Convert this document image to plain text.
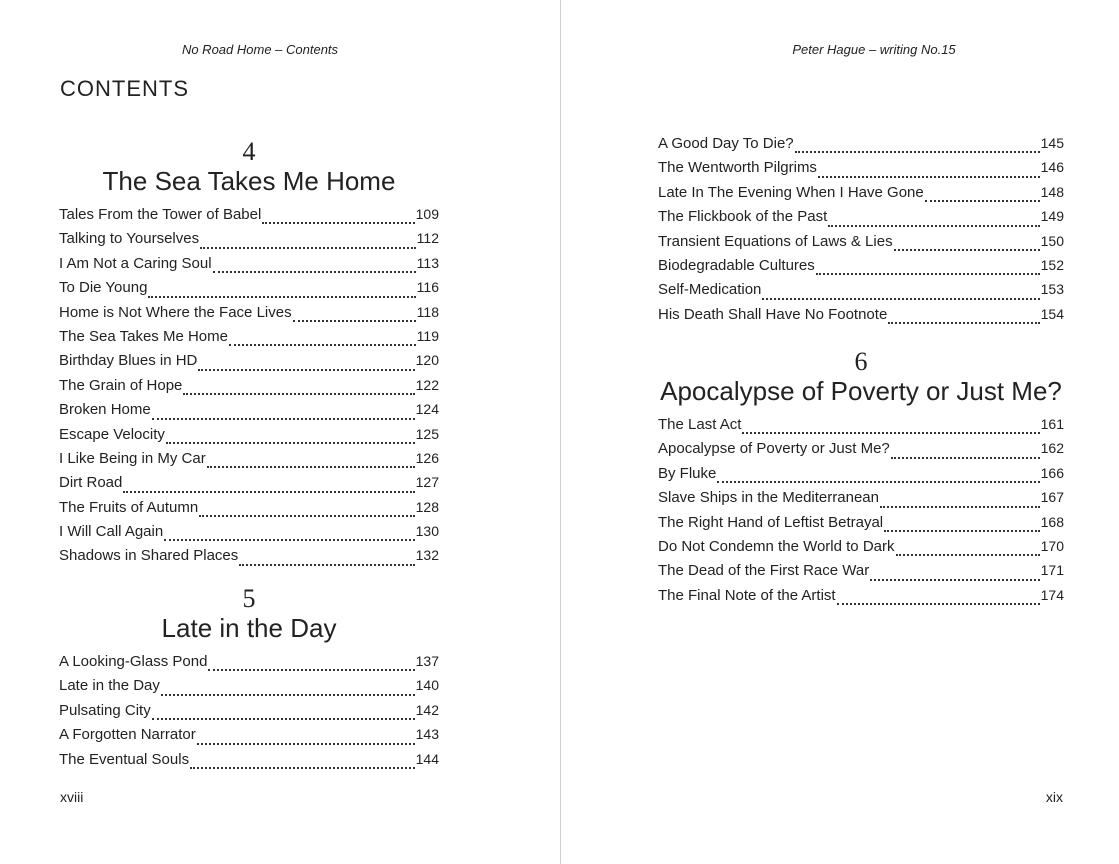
No Road Home – Contents
CONTENTS
4
The Sea Takes Me Home
Tales From the Tower of Babel	109
Talking to Yourselves	112
I Am Not a Caring Soul	113
To Die Young	116
Home is Not Where the Face Lives	118
The Sea Takes Me Home	119
Birthday Blues in HD	120
The Grain of Hope	122
Broken Home	124
Escape Velocity	125
I Like Being in My Car	126
Dirt Road	127
The Fruits of Autumn	128
I Will Call Again	130
Shadows in Shared Places	132
5
Late in the Day
A Looking-Glass Pond	137
Late in the Day	140
Pulsating City	142
A Forgotten Narrator	143
The Eventual Souls	144
xviii
Peter Hague – writing No.15
A Good Day To Die?	145
The Wentworth Pilgrims	146
Late In The Evening When I Have Gone	148
The Flickbook of the Past	149
Transient Equations of Laws & Lies	150
Biodegradable Cultures	152
Self-Medication	153
His Death Shall Have No Footnote	154
6
Apocalypse of Poverty or Just Me?
The Last Act	161
Apocalypse of Poverty or Just Me?	162
By Fluke	166
Slave Ships in the Mediterranean	167
The Right Hand of Leftist Betrayal	168
Do Not Condemn the World to Dark	170
The Dead of the First Race War	171
The Final Note of the Artist	174
xix
